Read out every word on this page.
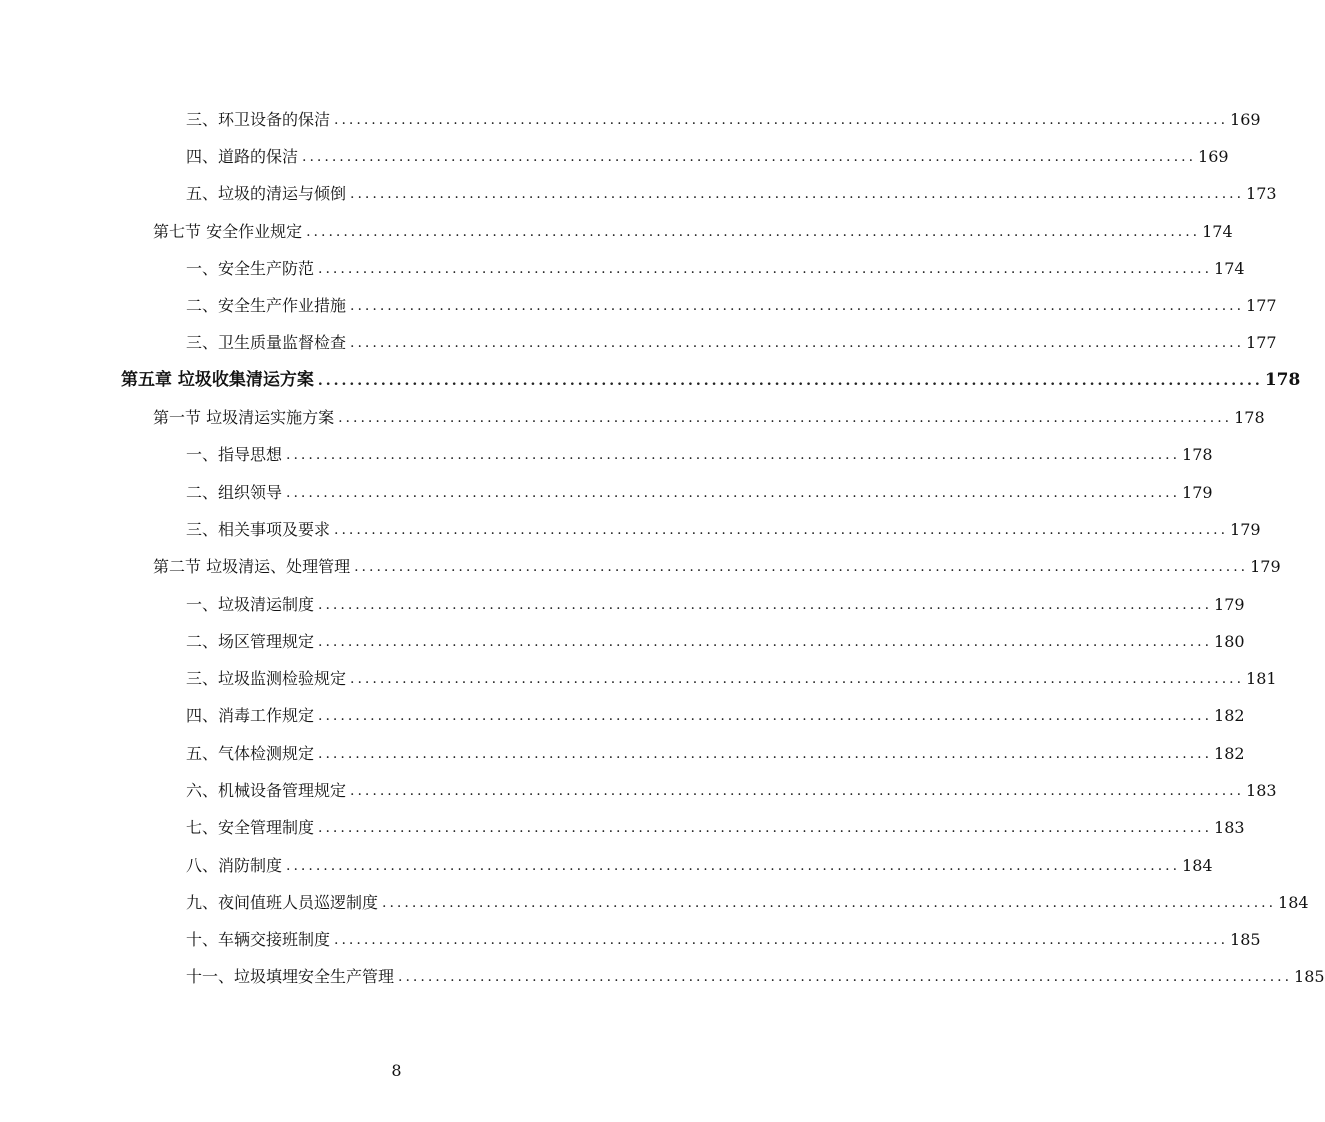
三、环卫设备的保洁 ........................................................................................................................ 169
四、道路的保洁 ........................................................................................................................ 169
五、垃圾的清运与倾倒 ........................................................................................................................ 173
第七节 安全作业规定 ........................................................................................................................ 174
一、安全生产防范 ........................................................................................................................ 174
二、安全生产作业措施 ........................................................................................................................ 177
三、卫生质量监督检查 ........................................................................................................................ 177
第五章 垃圾收集清运方案 ........................................................................................................................ 178
第一节 垃圾清运实施方案 ........................................................................................................................ 178
一、指导思想 ........................................................................................................................ 178
二、组织领导 ........................................................................................................................ 179
三、相关事项及要求 ........................................................................................................................ 179
第二节 垃圾清运、处理管理 ........................................................................................................................ 179
一、垃圾清运制度 ........................................................................................................................ 179
二、场区管理规定 ........................................................................................................................ 180
三、垃圾监测检验规定 ........................................................................................................................ 181
四、消毒工作规定 ........................................................................................................................ 182
五、气体检测规定 ........................................................................................................................ 182
六、机械设备管理规定 ........................................................................................................................ 183
七、安全管理制度 ........................................................................................................................ 183
八、消防制度 ........................................................................................................................ 184
九、夜间值班人员巡逻制度 ........................................................................................................................ 184
十、车辆交接班制度 ........................................................................................................................ 185
十一、垃圾填埋安全生产管理 ........................................................................................................................ 185
8
